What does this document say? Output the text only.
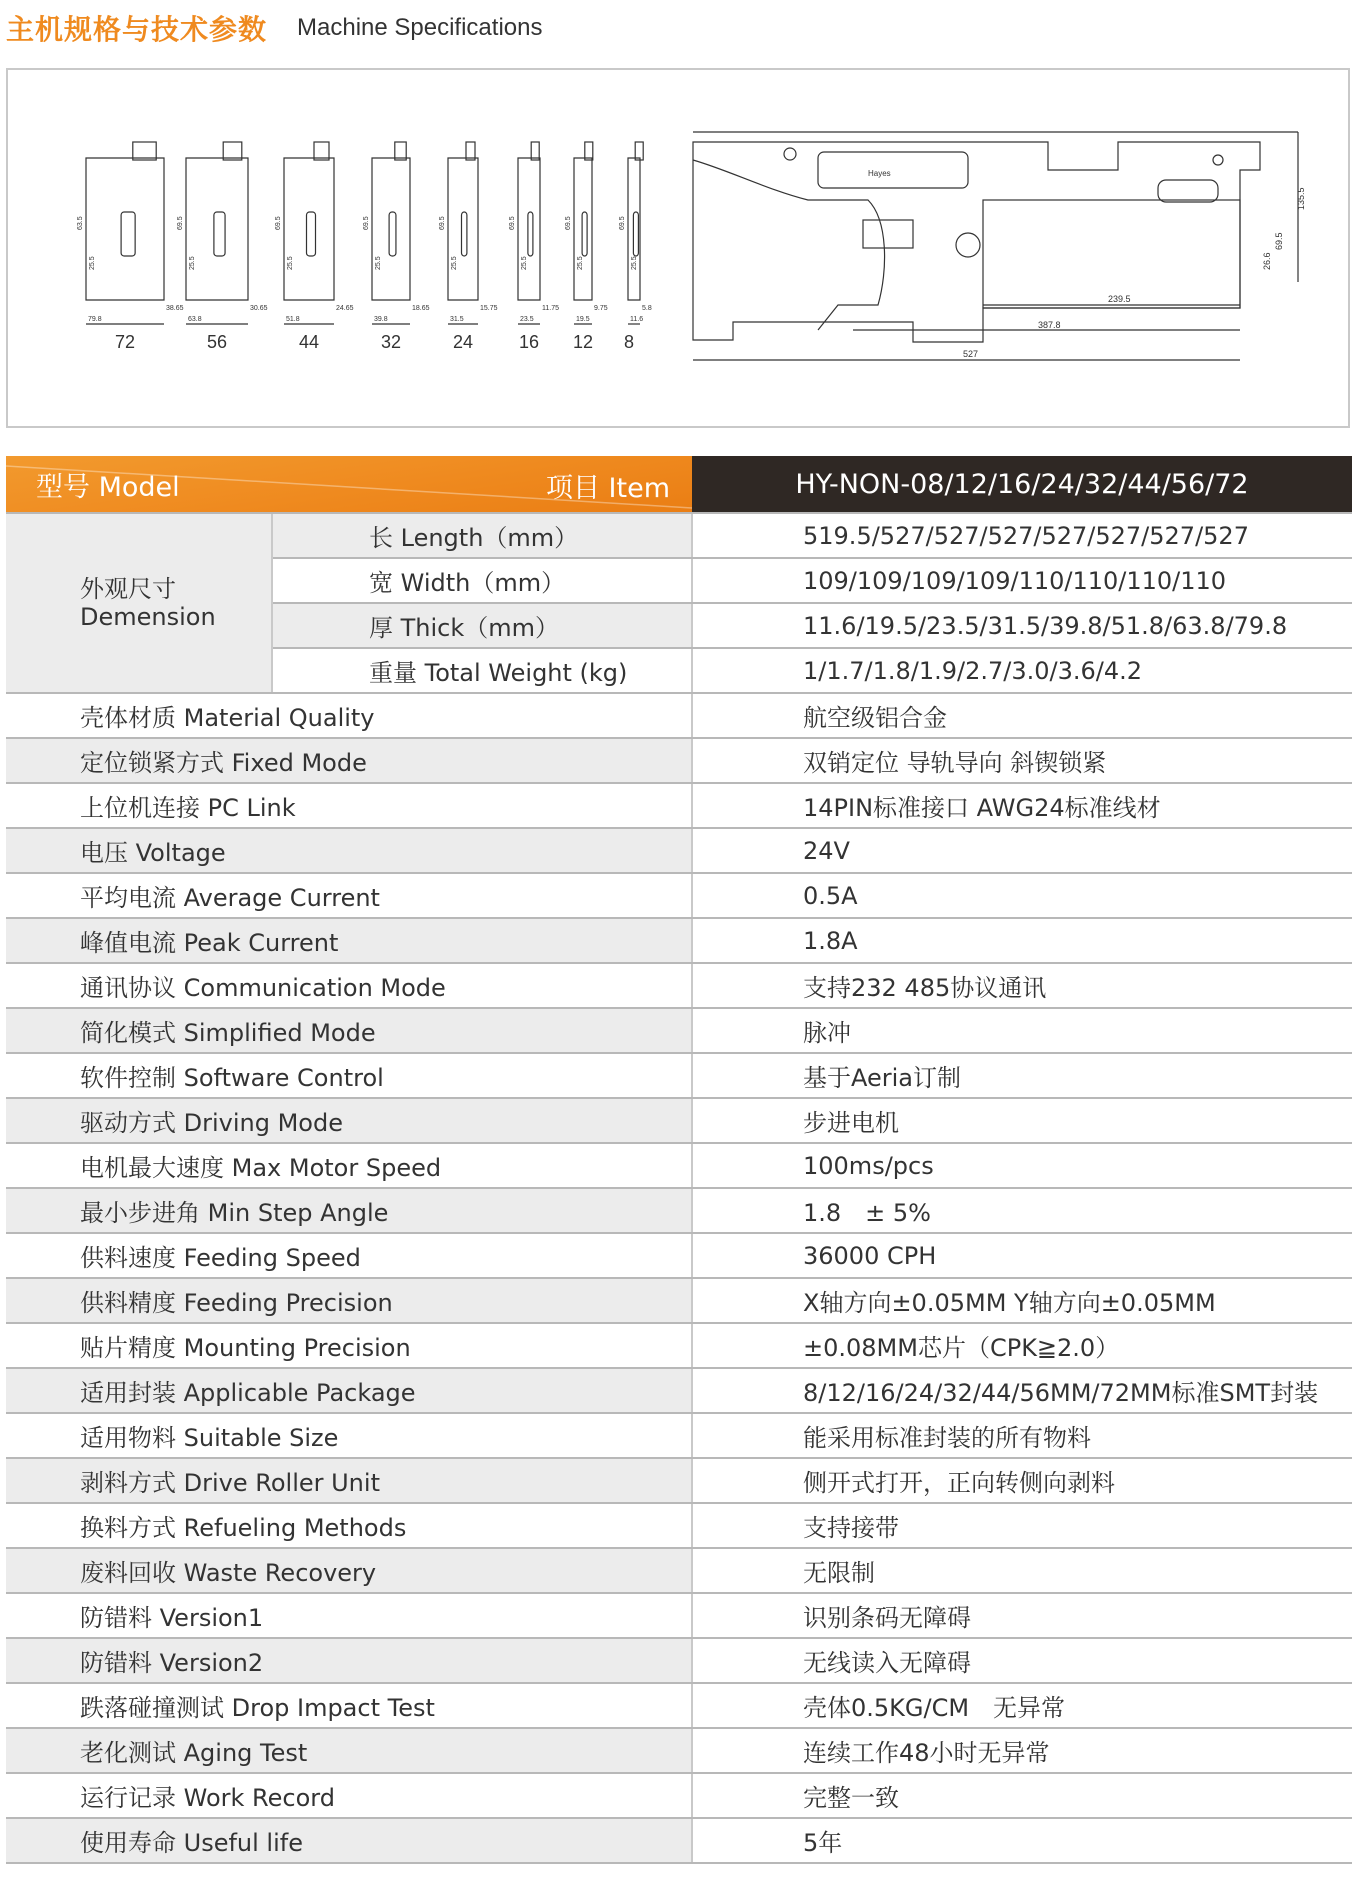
主机规格与技术参数 Machine Specifications
527
387.8
239.5
135.5
69.5
26.6
Hayes
79.8
38.65
63.5
25.5
72
63.8
30.65
69.5
25.5
56
51.8
24.65
69.5
25.5
44
39.8
18.65
69.5
25.5
32
31.5
15.75
69.5
25.5
24
23.5
11.75
69.5
25.5
16
19.5
9.75
69.5
25.5
12
11.6
5.8
69.5
25.5
8
型号 Model 项目 Item		HY-NON-08/12/16/24/32/44/56/72

外观尺寸
Demension	长 Length（mm）	519.5/527/527/527/527/527/527/527
	宽 Width（mm）	109/109/109/109/110/110/110/110
	厚 Thick（mm）	11.6/19.5/23.5/31.5/39.8/51.8/63.8/79.8
	重量 Total Weight (kg)	1/1.7/1.8/1.9/2.7/3.0/3.6/4.2
壳体材质 Material Quality		航空级铝合金
定位锁紧方式 Fixed Mode		双销定位 导轨导向 斜锲锁紧
上位机连接 PC Link		14PIN标准接口 AWG24标准线材
电压 Voltage		24V
平均电流 Average Current		0.5A
峰值电流 Peak Current		1.8A
通讯协议 Communication Mode		支持232 485协议通讯
简化模式 Simplified Mode		脉冲
软件控制 Software Control		基于Aeria订制
驱动方式 Driving Mode		步进电机
电机最大速度 Max Motor Speed		100ms/pcs
最小步进角 Min Step Angle		1.8　± 5%
供料速度 Feeding Speed		36000 CPH
供料精度 Feeding Precision		X轴方向±0.05MM Y轴方向±0.05MM
贴片精度 Mounting Precision		±0.08MM芯片（CPK≧2.0）
适用封装 Applicable Package		8/12/16/24/32/44/56MM/72MM标准SMT封装
适用物料 Suitable Size		能采用标准封装的所有物料
剥料方式 Drive Roller Unit		侧开式打开，正向转侧向剥料
换料方式 Refueling Methods		支持接带
废料回收 Waste Recovery		无限制
防错料 Version1		识别条码无障碍
防错料 Version2		无线读入无障碍
跌落碰撞测试 Drop Impact Test		壳体0.5KG/CM　无异常
老化测试 Aging Test		连续工作48小时无异常
运行记录 Work Record		完整一致
使用寿命 Useful life		5年
